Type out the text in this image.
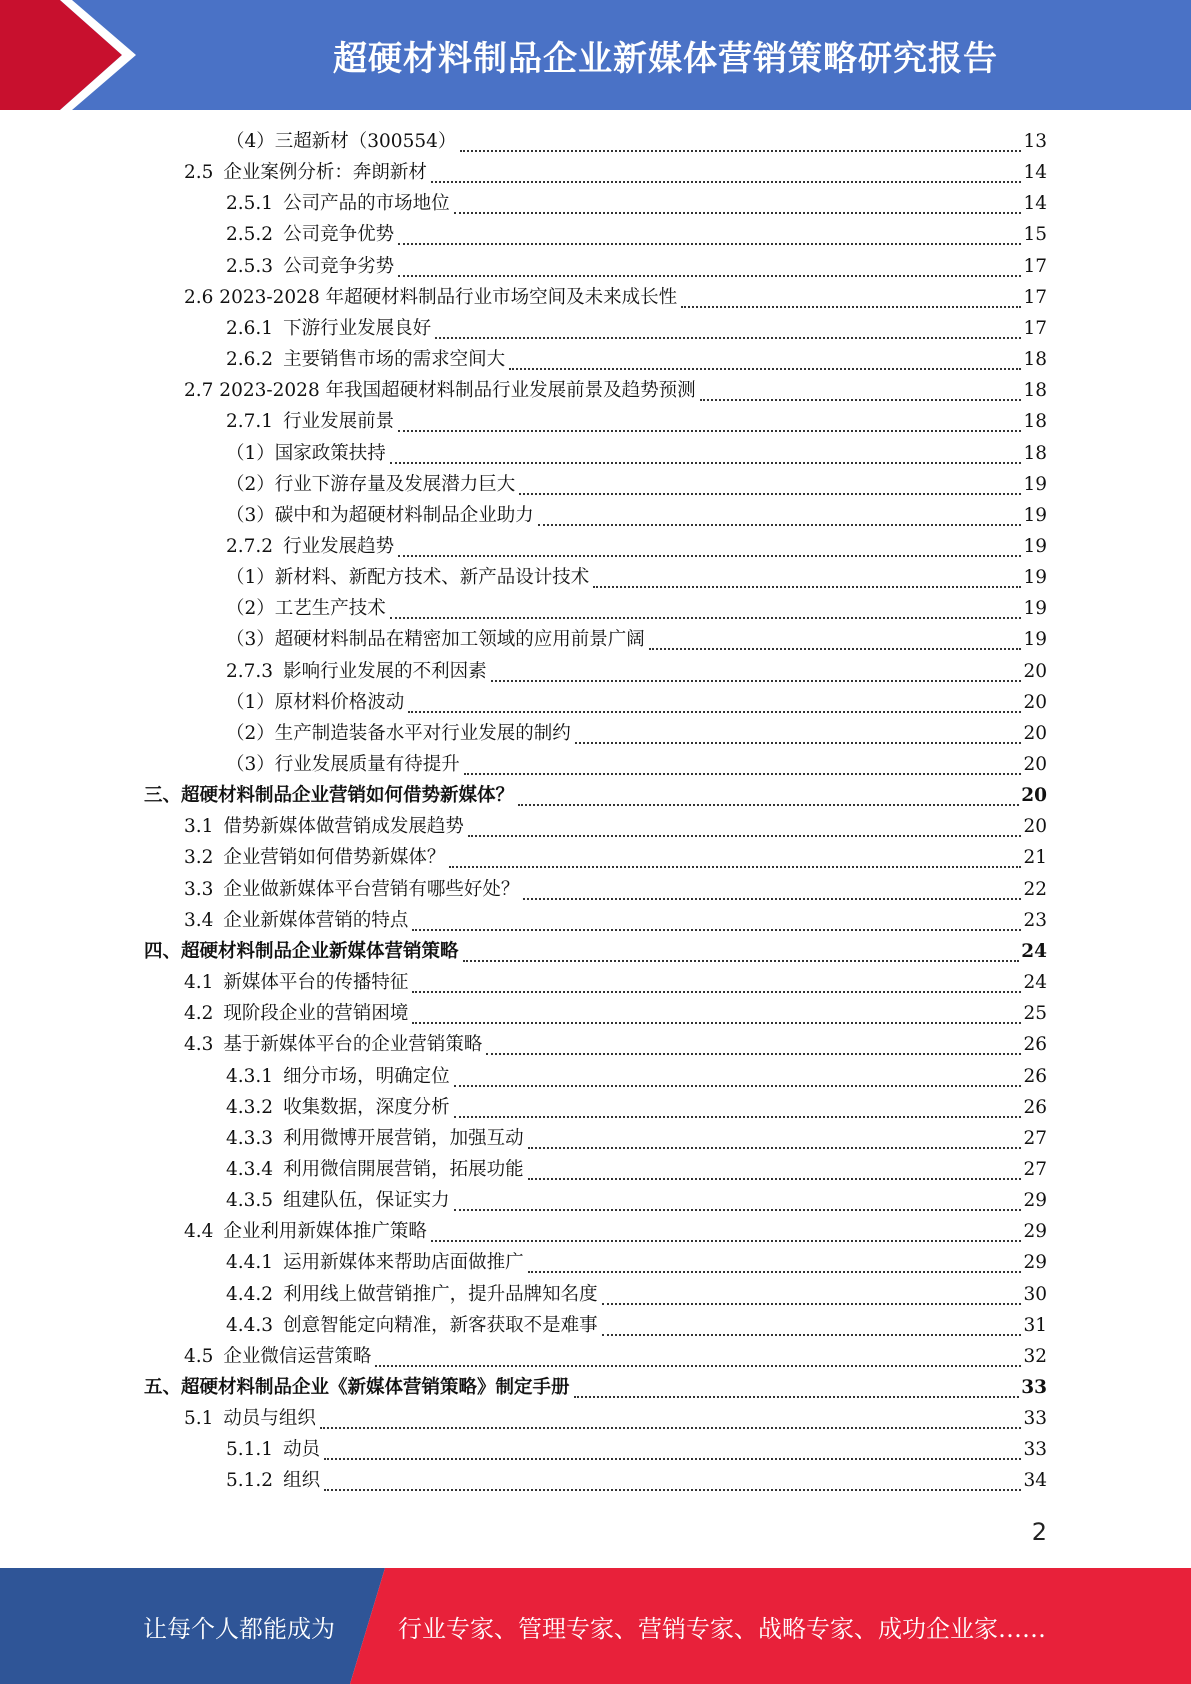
超硬材料制品企业新媒体营销策略研究报告
（4）三超新材（300554）	13
2.5 企业案例分析：奔朗新材	14
2.5.1 公司产品的市场地位	14
2.5.2 公司竞争优势	15
2.5.3 公司竞争劣势	17
2.6 2023-2028 年超硬材料制品行业市场空间及未来成长性	17
2.6.1 下游行业发展良好	17
2.6.2 主要销售市场的需求空间大	18
2.7 2023-2028 年我国超硬材料制品行业发展前景及趋势预测	18
2.7.1 行业发展前景	18
（1）国家政策扶持	18
（2）行业下游存量及发展潜力巨大	19
（3）碳中和为超硬材料制品企业助力	19
2.7.2 行业发展趋势	19
（1）新材料、新配方技术、新产品设计技术	19
（2）工艺生产技术	19
（3）超硬材料制品在精密加工领域的应用前景广阔	19
2.7.3 影响行业发展的不利因素	20
（1）原材料价格波动	20
（2）生产制造装备水平对行业发展的制约	20
（3）行业发展质量有待提升	20
三、超硬材料制品企业营销如何借势新媒体？	20
3.1 借势新媒体做营销成发展趋势	20
3.2 企业营销如何借势新媒体？	21
3.3 企业做新媒体平台营销有哪些好处？	22
3.4 企业新媒体营销的特点	23
四、超硬材料制品企业新媒体营销策略	24
4.1 新媒体平台的传播特征	24
4.2 现阶段企业的营销困境	25
4.3 基于新媒体平台的企业营销策略	26
4.3.1 细分市场，明确定位	26
4.3.2 收集数据，深度分析	26
4.3.3 利用微博开展营销，加强互动	27
4.3.4 利用微信開展营销，拓展功能	27
4.3.5 组建队伍，保证实力	29
4.4 企业利用新媒体推广策略	29
4.4.1 运用新媒体来帮助店面做推广	29
4.4.2 利用线上做营销推广，提升品牌知名度	30
4.4.3 创意智能定向精准，新客获取不是难事	31
4.5 企业微信运营策略	32
五、超硬材料制品企业《新媒体营销策略》制定手册	33
5.1 动员与组织	33
5.1.1 动员	33
5.1.2 组织	34
2
让每个人都能成为	行业专家、管理专家、营销专家、战略专家、成功企业家……
